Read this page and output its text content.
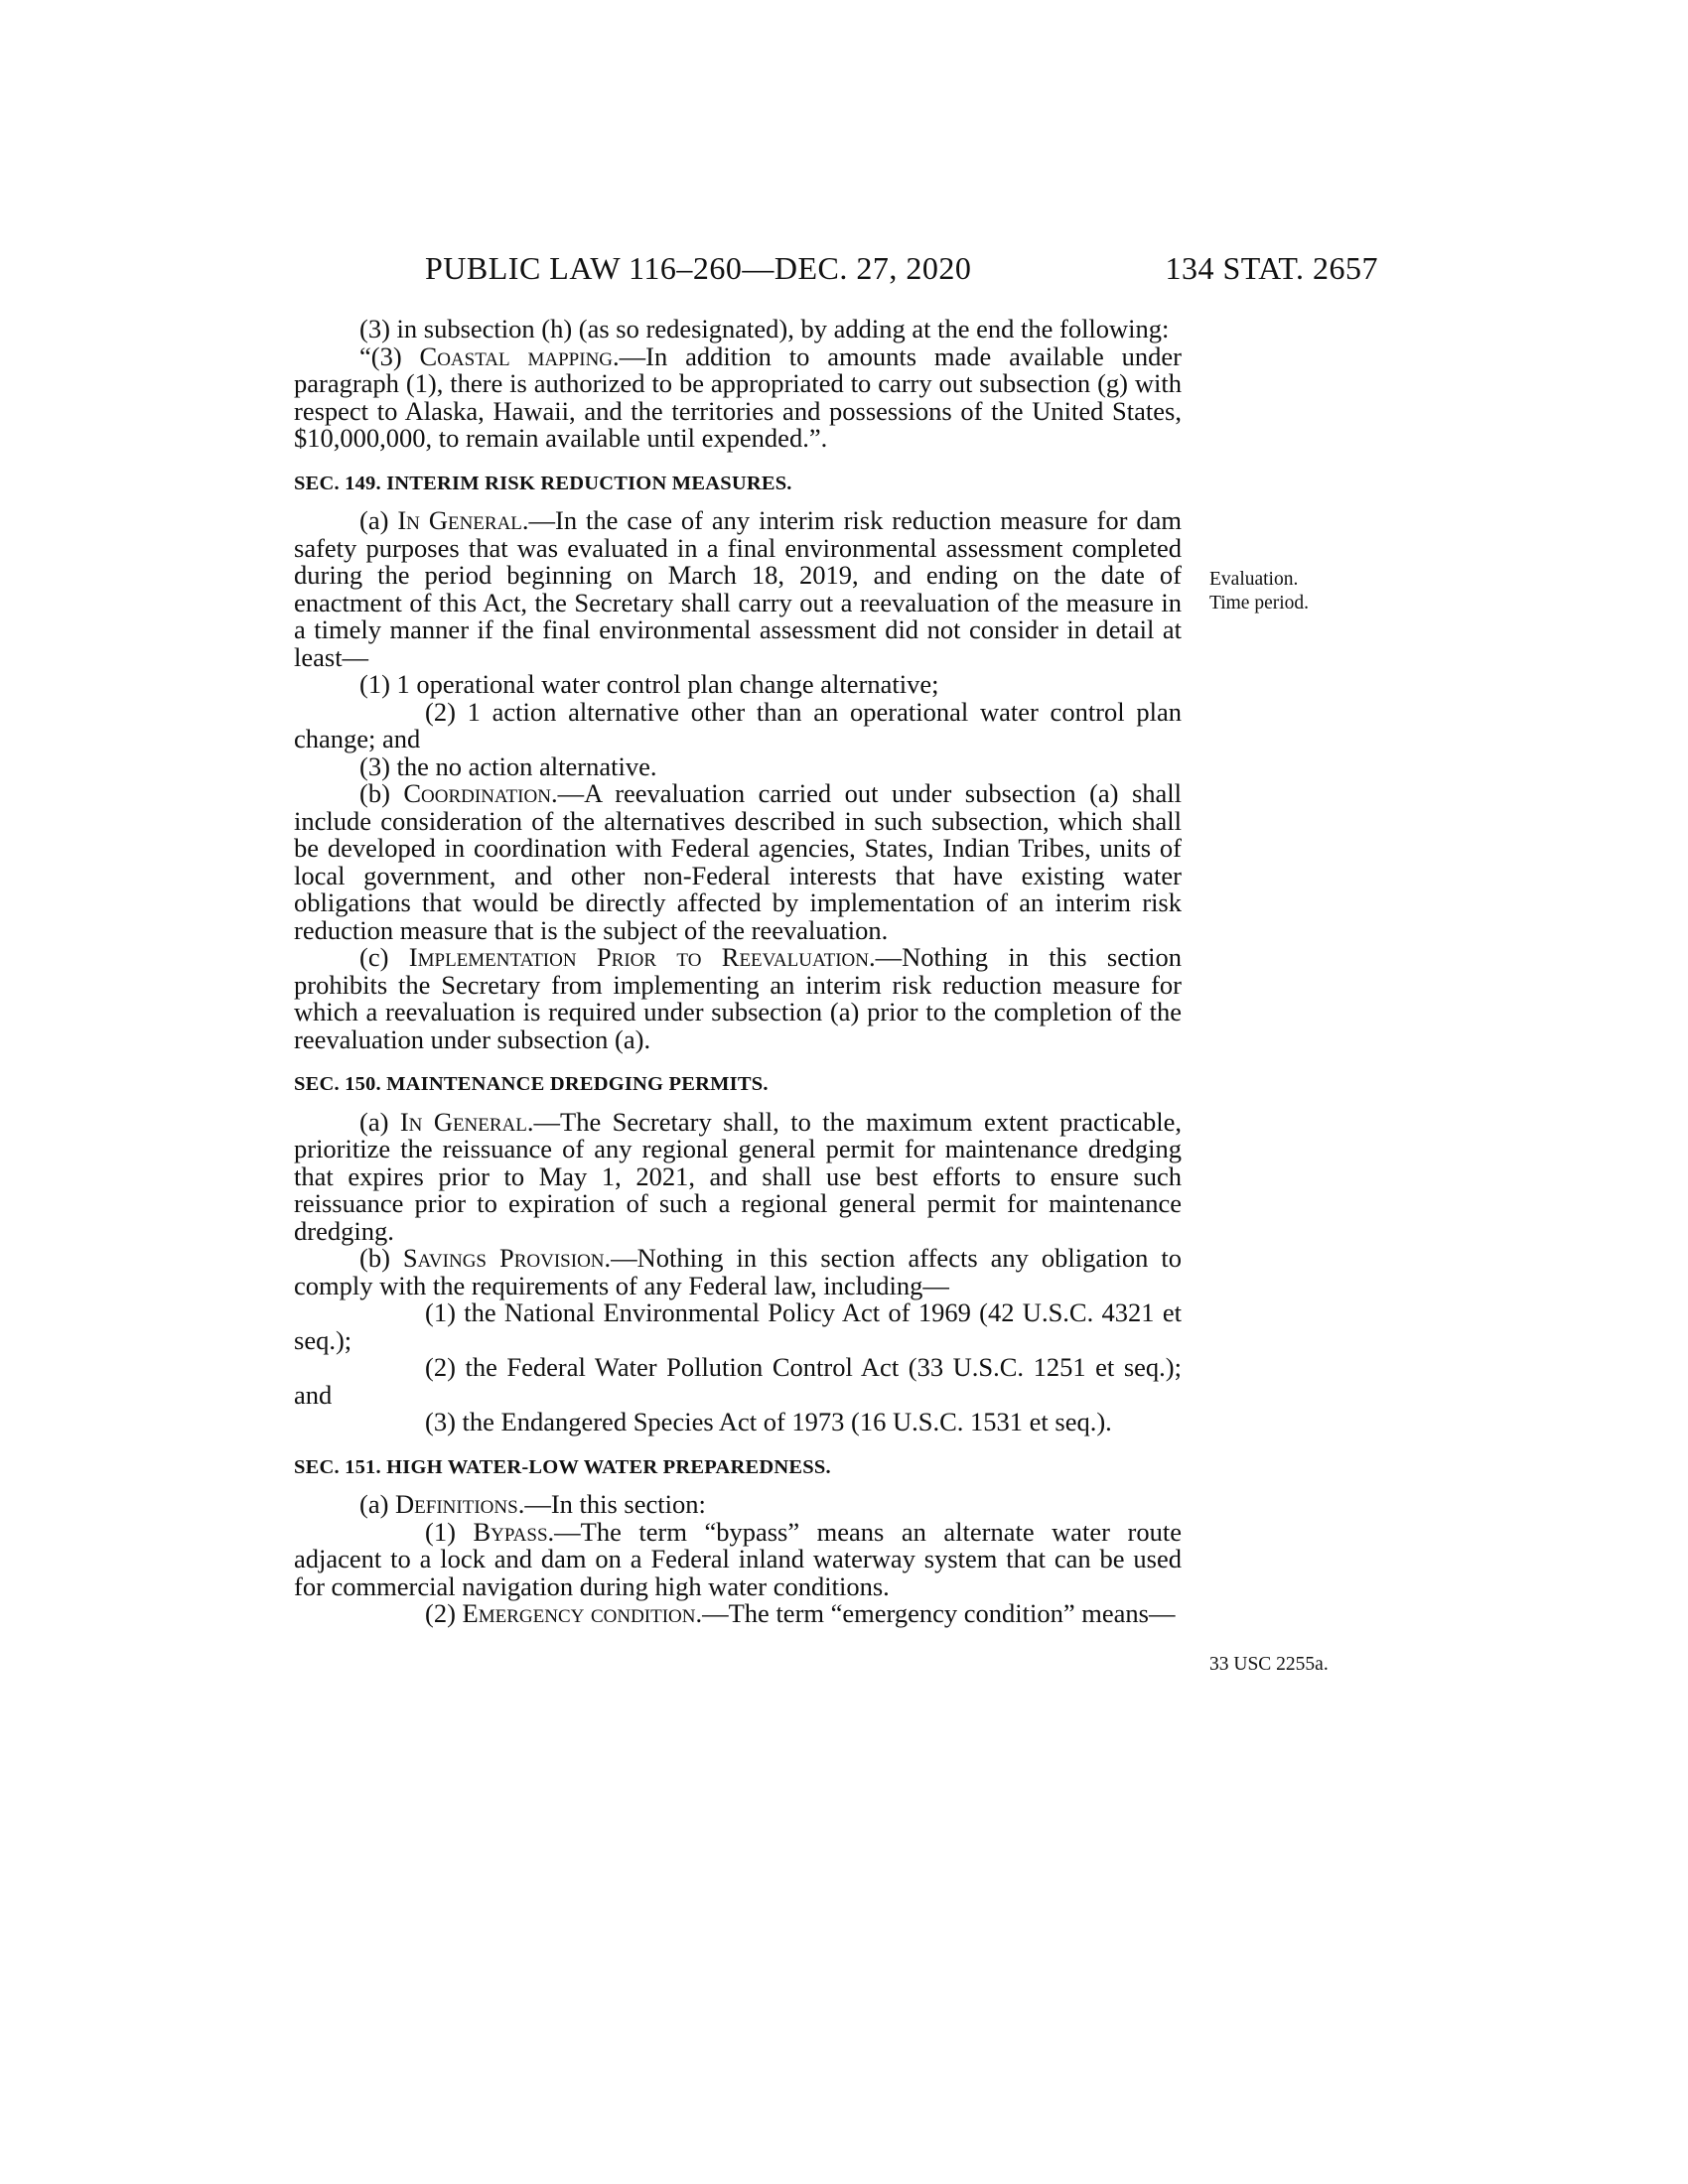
PUBLIC LAW 116–260—DEC. 27, 2020	134 STAT. 2657
Evaluation.
Time period.
33 USC 2255a.

(3) in subsection (h) (as so redesignated), by adding at the end the following:

“(3) Coastal mapping.—In addition to amounts made available under paragraph (1), there is authorized to be appropriated to carry out subsection (g) with respect to Alaska, Hawaii, and the territories and possessions of the United States, $10,000,000, to remain available until expended.”.

SEC. 149. INTERIM RISK REDUCTION MEASURES.

(a) In General.—In the case of any interim risk reduction measure for dam safety purposes that was evaluated in a final environmental assessment completed during the period beginning on March 18, 2019, and ending on the date of enactment of this Act, the Secretary shall carry out a reevaluation of the measure in a timely manner if the final environmental assessment did not consider in detail at least—

(1) 1 operational water control plan change alternative;

(2) 1 action alternative other than an operational water control plan change; and

(3) the no action alternative.

(b) Coordination.—A reevaluation carried out under subsection (a) shall include consideration of the alternatives described in such subsection, which shall be developed in coordination with Federal agencies, States, Indian Tribes, units of local government, and other non-Federal interests that have existing water obligations that would be directly affected by implementation of an interim risk reduction measure that is the subject of the reevaluation.

(c) Implementation Prior to Reevaluation.—Nothing in this section prohibits the Secretary from implementing an interim risk reduction measure for which a reevaluation is required under subsection (a) prior to the completion of the reevaluation under subsection (a).

SEC. 150. MAINTENANCE DREDGING PERMITS.

(a) In General.—The Secretary shall, to the maximum extent practicable, prioritize the reissuance of any regional general permit for maintenance dredging that expires prior to May 1, 2021, and shall use best efforts to ensure such reissuance prior to expiration of such a regional general permit for maintenance dredging.

(b) Savings Provision.—Nothing in this section affects any obligation to comply with the requirements of any Federal law, including—

(1) the National Environmental Policy Act of 1969 (42 U.S.C. 4321 et seq.);

(2) the Federal Water Pollution Control Act (33 U.S.C. 1251 et seq.); and

(3) the Endangered Species Act of 1973 (16 U.S.C. 1531 et seq.).

SEC. 151. HIGH WATER-LOW WATER PREPAREDNESS.

(a) Definitions.—In this section:

(1) Bypass.—The term “bypass” means an alternate water route adjacent to a lock and dam on a Federal inland waterway system that can be used for commercial navigation during high water conditions.

(2) Emergency condition.—The term “emergency condition” means—
